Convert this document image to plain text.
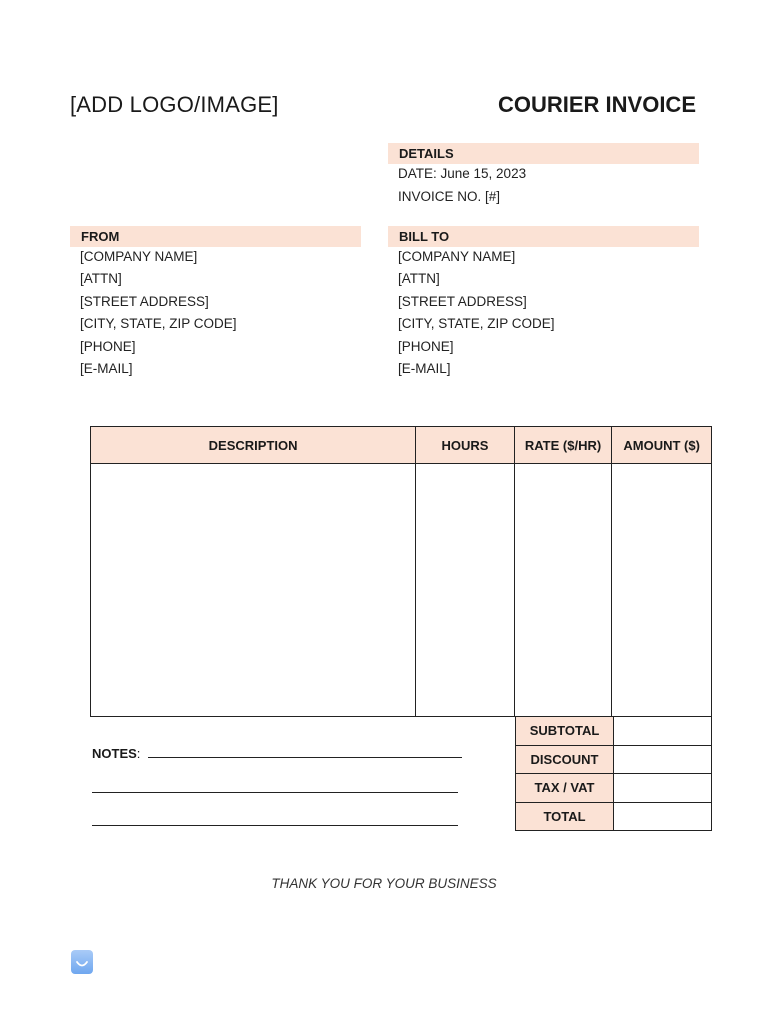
[ADD LOGO/IMAGE]	COURIER INVOICE
DETAILS
DATE: June 15, 2023
INVOICE NO. [#]
FROM
[COMPANY NAME]
[ATTN]
[STREET ADDRESS]
[CITY, STATE, ZIP CODE]
[PHONE]
[E-MAIL]
BILL TO
[COMPANY NAME]
[ATTN]
[STREET ADDRESS]
[CITY, STATE, ZIP CODE]
[PHONE]
[E-MAIL]
DESCRIPTION	HOURS	RATE ($/HR)	AMOUNT ($)

SUBTOTAL	
DISCOUNT	
TAX / VAT	
TOTAL	
NOTES:
THANK YOU FOR YOUR BUSINESS
